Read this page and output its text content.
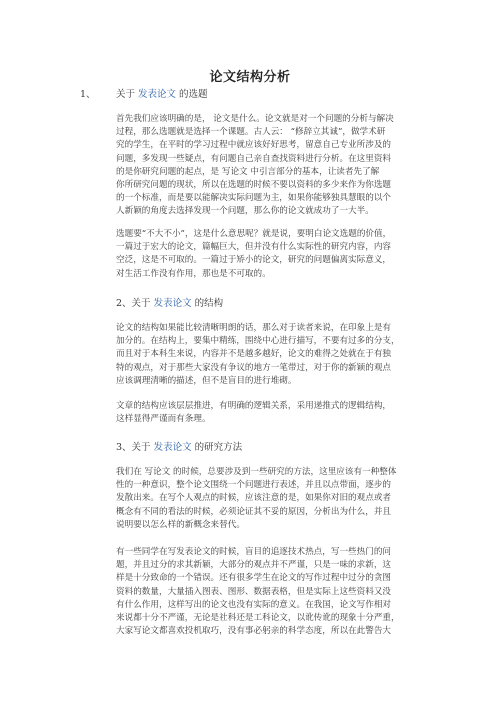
论文结构分析
1、 关于 发表论文 的选题
首先我们应该明确的是， 论文是什么。论文就是对一个问题的分析与解决
过程，那么选题就是选择一个课题。古人云： “修辞立其诚”，做学术研
究的学生，在平时的学习过程中就应该好好思考，留意自己专业所涉及的
问题，多发现一些疑点，有问题自己亲自查找资料进行分析。在这里资料
的是你研究问题的起点，是 写论文 中引言部分的基本，让读者先了解
你所研究问题的现状，所以在选题的时候不要以资料的多少来作为你选题
的一个标准，而是要以能解决实际问题为主，如果你能够独具慧眼的以个
人新颖的角度去选择发现一个问题，那么你的论文就成功了一大半。
选题要“不大不小”，这是什么意思呢？就是说，要明白论文选题的价值，
一篇过于宏大的论文，篇幅巨大，但并没有什么实际性的研究内容，内容
空泛，这是不可取的。一篇过于矫小的论文，研究的问题偏离实际意义，
对生活工作没有作用，那也是不可取的。
2、关于 发表论文 的结构
论文的结构如果能比较清晰明朗的话，那么对于读者来说，在印象上是有
加分的。在结构上，要集中精练，围绕中心进行描写，不要有过多的分支，
而且对于本科生来说，内容并不是越多越好，论文的难得之处就在于有独
特的观点，对于那些大家没有争议的地方一笔带过，对于你的新颖的观点
应该调理清晰的描述，但不是盲目的进行堆砌。
文章的结构应该层层推进，有明确的逻辑关系，采用递推式的逻辑结构，
这样显得严谨而有条理。
3、关于 发表论文 的研究方法
我们在 写论文 的时候，总要涉及到一些研究的方法，这里应该有一种整体
性的一种意识，整个论文围绕一个问题进行表述，并且以点带面，逐步的
发散出来。在写个人观点的时候，应该注意的是，如果你对旧的观点或者
概念有不同的看法的时候，必须论证其不妥的原因，分析出为什么，并且
说明要以怎么样的新概念来替代。
有一些同学在写发表论文的时候，盲目的追逐技术热点，写一些热门的问
题，并且过分的求其新颖，大部分的观点并不严谨，只是一味的求新，这
样是十分致命的一个错误。还有很多学生在论文的写作过程中过分的贪图
资料的数量，大量插入图表、图形、数据表格，但是实际上这些资料又没
有什么作用，这样写出的论文也没有实际的意义。在我国，论文写作相对
来说都十分不严谨，无论是社科还是工科论文，以讹传讹的现象十分严重，
大家写论文都喜欢投机取巧，没有事必躬亲的科学态度，所以在此警告大
